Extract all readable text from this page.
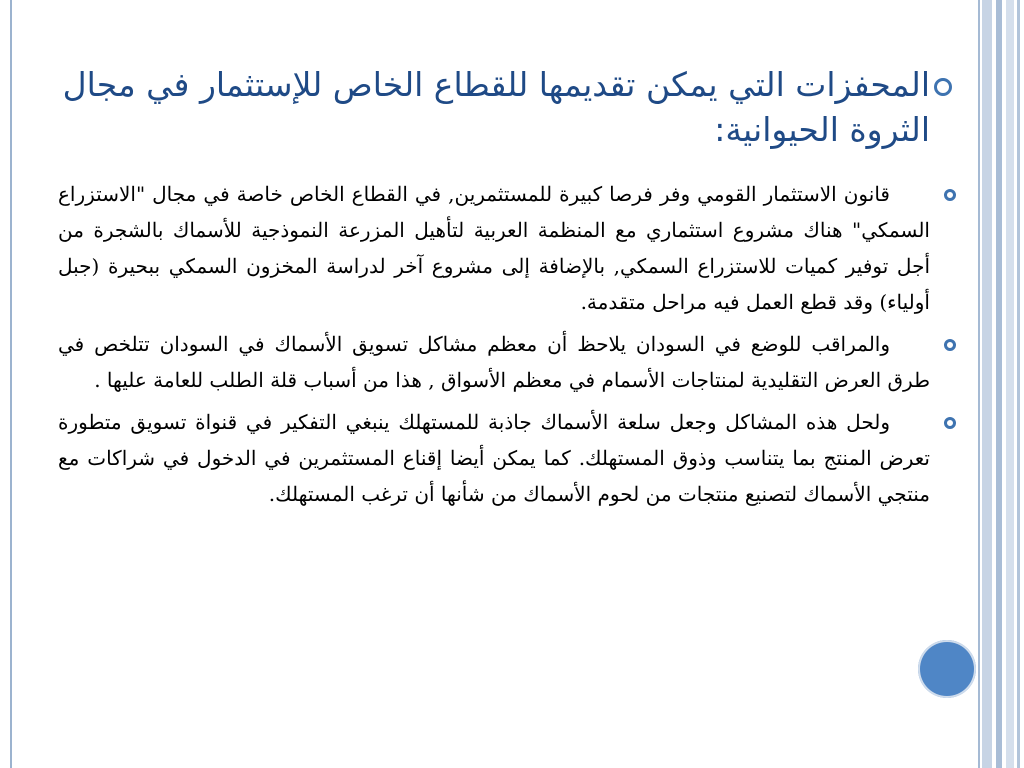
المحفزات التي يمكن تقديمها للقطاع الخاص للإستثمار في مجال الثروة الحيوانية:

قانون الاستثمار القومي وفر فرصا كبيرة للمستثمرين, في القطاع الخاص خاصة في مجال "الاستزراع السمكي" هناك مشروع استثماري مع المنظمة العربية لتأهيل المزرعة النموذجية للأسماك بالشجرة من أجل توفير كميات للاستزراع السمكي, بالإضافة إلى مشروع آخر لدراسة المخزون السمكي ببحيرة (جبل أولياء) وقد قطع العمل فيه مراحل متقدمة.

والمراقب للوضع في السودان يلاحظ أن معظم مشاكل تسويق الأسماك في السودان تتلخص في طرق العرض التقليدية لمنتاجات الأسمام في معظم الأسواق , هذا من أسباب قلة الطلب للعامة عليها .

ولحل هذه المشاكل وجعل سلعة الأسماك جاذبة للمستهلك ينبغي التفكير في قنواة تسويق متطورة تعرض المنتج بما يتناسب وذوق المستهلك. كما يمكن أيضا إقناع المستثمرين في الدخول في شراكات مع منتجي الأسماك لتصنيع منتجات من لحوم الأسماك من شأنها أن ترغب المستهلك.
